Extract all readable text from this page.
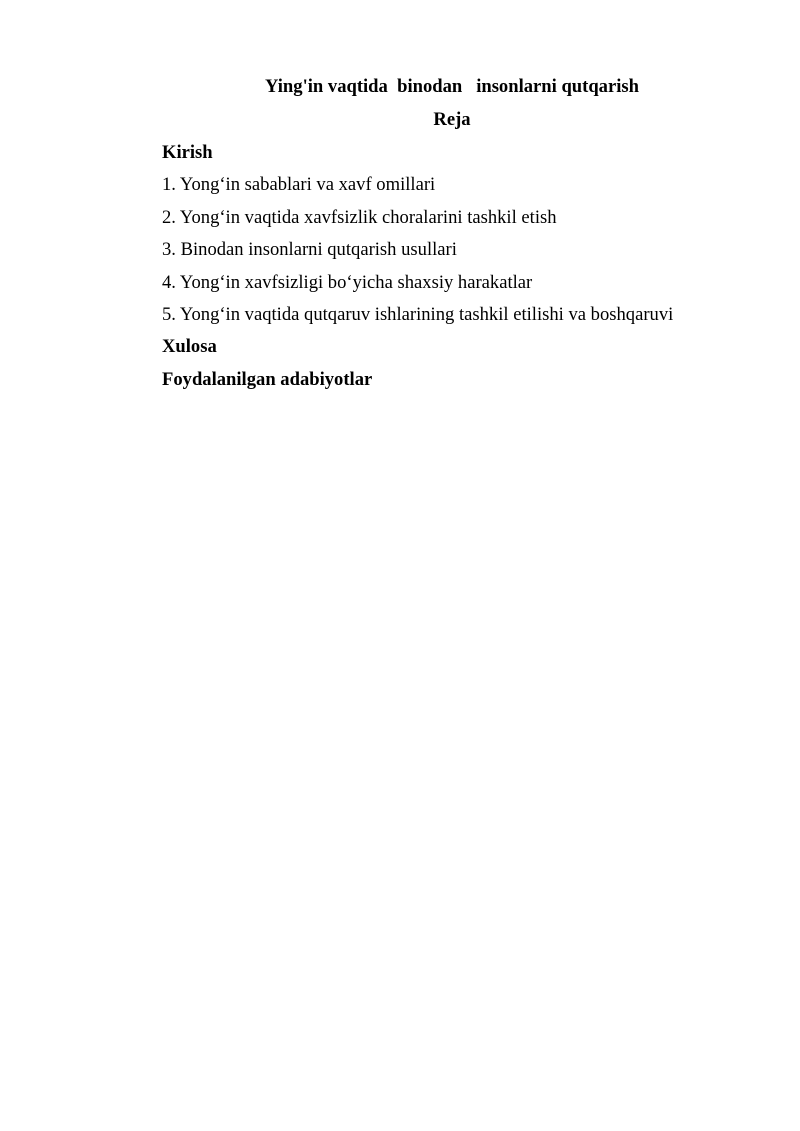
Ying'in vaqtida  binodan   insonlarni qutqarish
Reja
Kirish
1. Yong‘in sabablari va xavf omillari
2. Yong‘in vaqtida xavfsizlik choralarini tashkil etish
3. Binodan insonlarni qutqarish usullari
4. Yong‘in xavfsizligi bo‘yicha shaxsiy harakatlar
5. Yong‘in vaqtida qutqaruv ishlarining tashkil etilishi va boshqaruvi
Xulosa
Foydalanilgan adabiyotlar
